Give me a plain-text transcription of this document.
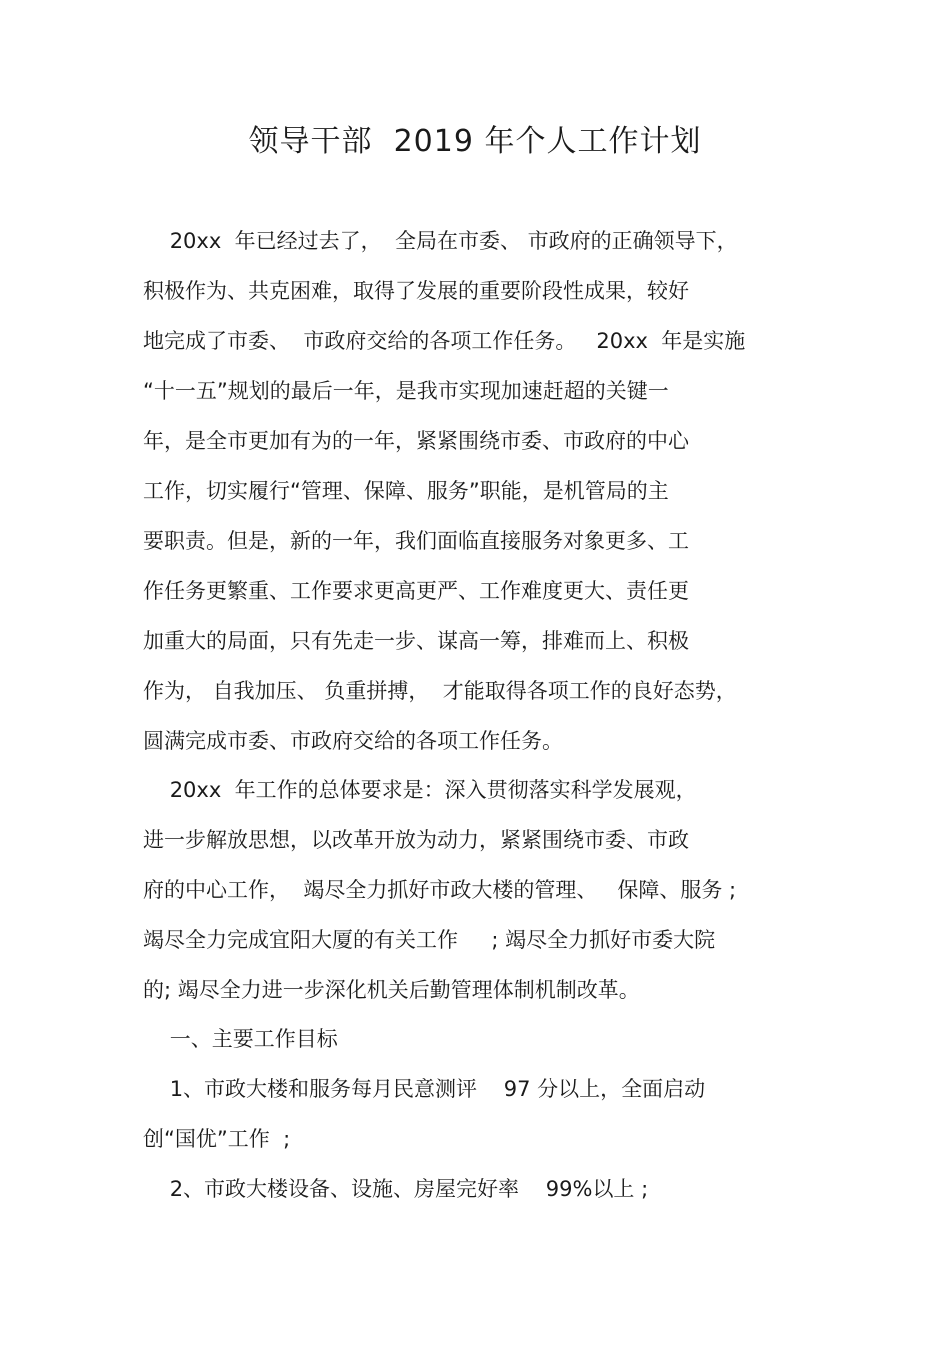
领导干部  2019 年个人工作计划
20xx  年已经过去了，  全局在市委、 市政府的正确领导下，
积极作为、共克困难，取得了发展的重要阶段性成果，较好
地完成了市委、  市政府交给的各项工作任务。   20xx  年是实施
“十一五”规划的最后一年，是我市实现加速赶超的关键一
年，是全市更加有为的一年，紧紧围绕市委、市政府的中心
工作，切实履行“管理、保障、服务”职能，是机管局的主
要职责。但是，新的一年，我们面临直接服务对象更多、工
作任务更繁重、工作要求更高更严、工作难度更大、责任更
加重大的局面，只有先走一步、谋高一筹，排难而上、积极
作为， 自我加压、 负重拼搏，  才能取得各项工作的良好态势，
圆满完成市委、市政府交给的各项工作任务。
20xx  年工作的总体要求是：深入贯彻落实科学发展观，
进一步解放思想，以改革开放为动力，紧紧围绕市委、市政
府的中心工作，  竭尽全力抓好市政大楼的管理、   保障、服务 ;
竭尽全力完成宜阳大厦的有关工作     ; 竭尽全力抓好市委大院
的; 竭尽全力进一步深化机关后勤管理体制机制改革。
一、主要工作目标
1、市政大楼和服务每月民意测评    97 分以上，全面启动
创“国优”工作  ;
2、市政大楼设备、设施、房屋完好率    99%以上 ;
